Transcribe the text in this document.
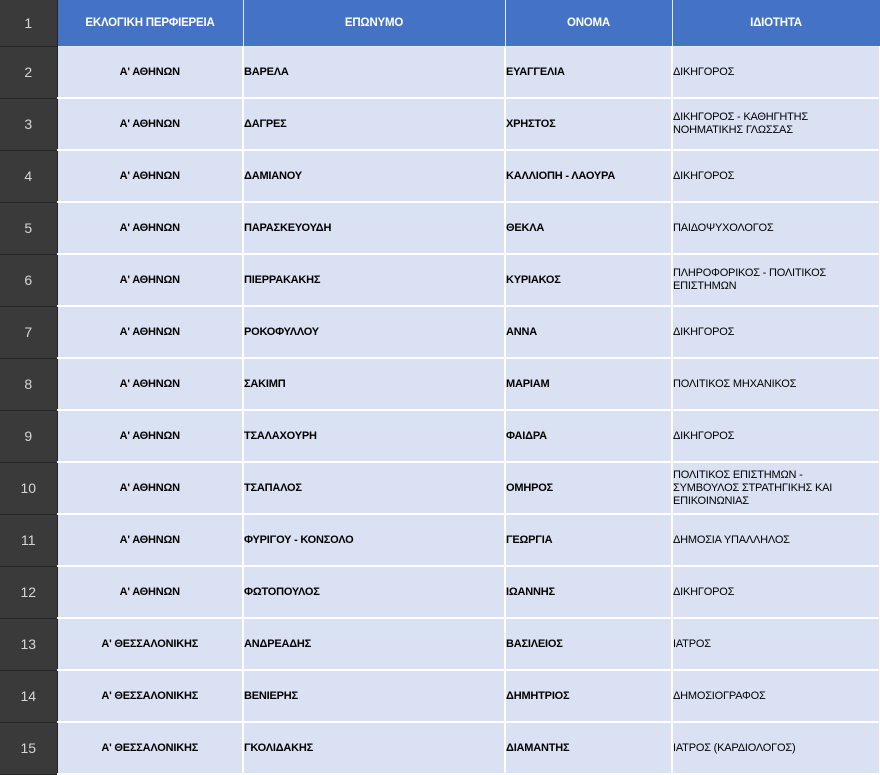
1	ΕΚΛΟΓΙΚΗ ΠΕΡΦΙΕΡΕΙΑ	ΕΠΩΝΥΜΟ	ΟΝΟΜΑ	ΙΔΙΟΤΗΤΑ
2	Α' ΑΘΗΝΩΝ	ΒΑΡΕΛΑ	ΕΥΑΓΓΕΛΙΑ	ΔΙΚΗΓΟΡΟΣ
3	Α' ΑΘΗΝΩΝ	ΔΑΓΡΕΣ	ΧΡΗΣΤΟΣ	ΔΙΚΗΓΟΡΟΣ - ΚΑΘΗΓΗΤΗΣ
ΝΟΗΜΑΤΙΚΗΣ ΓΛΩΣΣΑΣ
4	Α' ΑΘΗΝΩΝ	ΔΑΜΙΑΝΟΥ	ΚΑΛΛΙΟΠΗ - ΛΑΟΥΡΑ	ΔΙΚΗΓΟΡΟΣ
5	Α' ΑΘΗΝΩΝ	ΠΑΡΑΣΚΕΥΟΥΔΗ	ΘΕΚΛΑ	ΠΑΙΔΟΨΥΧΟΛΟΓΟΣ
6	Α' ΑΘΗΝΩΝ	ΠΙΕΡΡΑΚΑΚΗΣ	ΚΥΡΙΑΚΟΣ	ΠΛΗΡΟΦΟΡΙΚΟΣ - ΠΟΛΙΤΙΚΟΣ
ΕΠΙΣΤΗΜΩΝ
7	Α' ΑΘΗΝΩΝ	ΡΟΚΟΦΥΛΛΟΥ	ΑΝΝΑ	ΔΙΚΗΓΟΡΟΣ
8	Α' ΑΘΗΝΩΝ	ΣΑΚΙΜΠ	ΜΑΡΙΑΜ	ΠΟΛΙΤΙΚΟΣ ΜΗΧΑΝΙΚΟΣ
9	Α' ΑΘΗΝΩΝ	ΤΣΑΛΑΧΟΥΡΗ	ΦΑΙΔΡΑ	ΔΙΚΗΓΟΡΟΣ
10	Α' ΑΘΗΝΩΝ	ΤΣΑΠΑΛΟΣ	ΟΜΗΡΟΣ	ΠΟΛΙΤΙΚΟΣ ΕΠΙΣΤΗΜΩΝ -
ΣΥΜΒΟΥΛΟΣ ΣΤΡΑΤΗΓΙΚΗΣ ΚΑΙ
ΕΠΙΚΟΙΝΩΝΙΑΣ
11	Α' ΑΘΗΝΩΝ	ΦΥΡΙΓΟΥ - ΚΟΝΣΟΛΟ	ΓΕΩΡΓΙΑ	ΔΗΜΟΣΙΑ ΥΠΑΛΛΗΛΟΣ
12	Α' ΑΘΗΝΩΝ	ΦΩΤΟΠΟΥΛΟΣ	ΙΩΑΝΝΗΣ	ΔΙΚΗΓΟΡΟΣ
13	Α' ΘΕΣΣΑΛΟΝΙΚΗΣ	ΑΝΔΡΕΑΔΗΣ	ΒΑΣΙΛΕΙΟΣ	ΙΑΤΡΟΣ
14	Α' ΘΕΣΣΑΛΟΝΙΚΗΣ	ΒΕΝΙΕΡΗΣ	ΔΗΜΗΤΡΙΟΣ	ΔΗΜΟΣΙΟΓΡΑΦΟΣ
15	Α' ΘΕΣΣΑΛΟΝΙΚΗΣ	ΓΚΟΛΙΔΑΚΗΣ	ΔΙΑΜΑΝΤΗΣ	ΙΑΤΡΟΣ (ΚΑΡΔΙΟΛΟΓΟΣ)
